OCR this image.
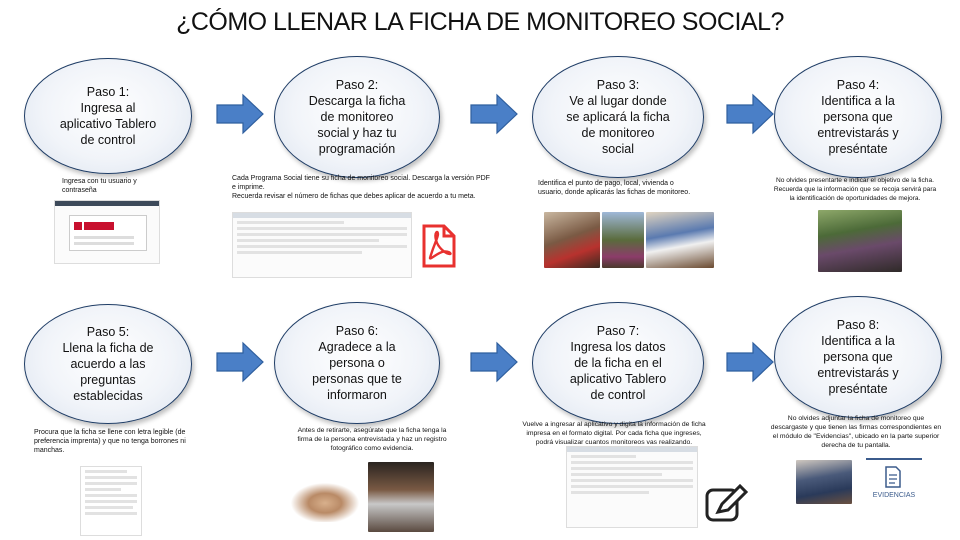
¿CÓMO LLENAR LA FICHA DE MONITOREO SOCIAL?
Paso 1:
Ingresa al
aplicativo Tablero
de control
Paso 2:
Descarga la ficha
de monitoreo
social y haz tu
programación
Paso 3:
Ve al lugar donde
se aplicará la ficha
de monitoreo
social
Paso 4:
Identifica a la
persona que
entrevistarás y
preséntate
Paso 5:
Llena la ficha de
acuerdo a las
preguntas
establecidas
Paso 6:
Agradece a la
persona o
personas que te
informaron
Paso 7:
Ingresa los datos
de la ficha en el
aplicativo Tablero
de control
Paso 8:
Identifica a la
persona que
entrevistarás y
preséntate
Ingresa con tu usuario y
contraseña
Cada Programa Social tiene su ficha de monitoreo social. Descarga la versión PDF
e imprime.
Recuerda revisar el número de fichas que debes aplicar de acuerdo a tu meta.
Identifica el punto de pago, local, vivienda o
usuario, donde aplicarás las fichas de monitoreo.
No olvides presentarte e indicar el objetivo de la ficha.
Recuerda que la información que se recoja servirá para
la identificación de oportunidades de mejora.
Procura que la ficha se llene con letra legible (de
preferencia imprenta) y que no tenga borrones ni
manchas.
Antes de retirarte, asegúrate que la ficha tenga la
firma de la persona entrevistada y haz un registro
fotográfico como evidencia.
Vuelve a ingresar al aplicativo y digita la información de ficha
impresa en el formato digital. Por cada ficha que ingreses,
podrá visualizar cuantos monitoreos vas realizando.
No olvides adjuntar la ficha de monitoreo que
descargaste y que tienen las firmas correspondientes en
el módulo de "Evidencias", ubicado en la parte superior
derecha de tu pantalla.
EVIDENCIAS
